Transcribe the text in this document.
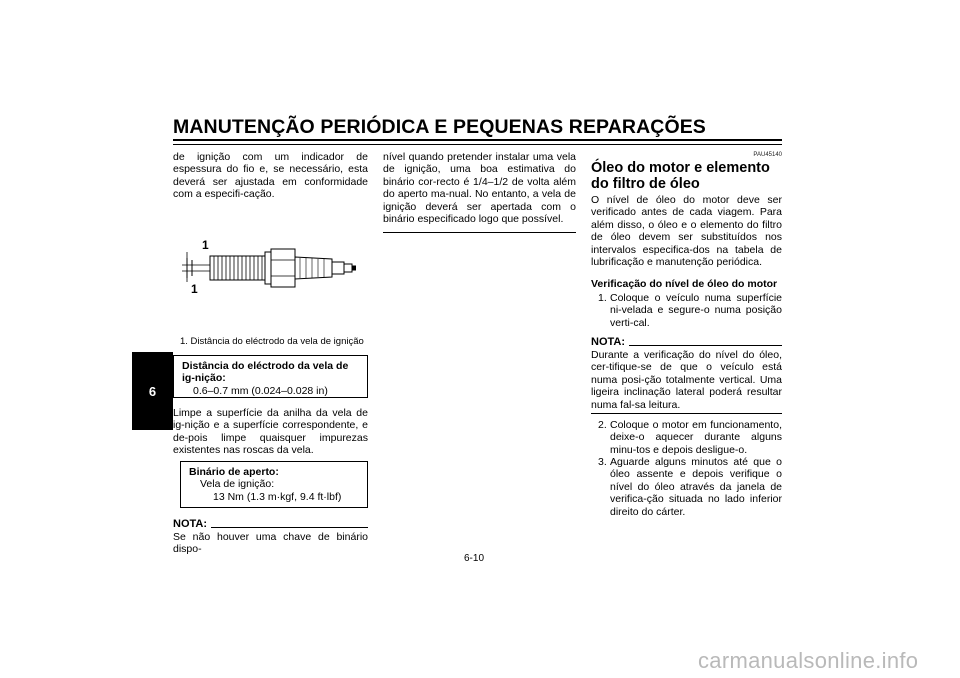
MANUTENÇÃO PERIÓDICA E PEQUENAS REPARAÇÕES
6

de ignição com um indicador de espessura do fio e, se necessário, esta deverá ser ajustada em conformidade com a especifi-cação.

1
1
1. Distância do eléctrodo da vela de ignição
Distância do eléctrodo da vela de ig-nição:
0.6–0.7 mm (0.024–0.028 in)

Limpe a superfície da anilha da vela de ig-nição e a superfície correspondente, e de-pois limpe quaisquer impurezas existentes nas roscas da vela.

Binário de aperto:
Vela de ignição:
13 Nm (1.3 m·kgf, 9.4 ft·lbf)
NOTA:
Se não houver uma chave de binário dispo-

nível quando pretender instalar uma vela de ignição, uma boa estimativa do binário cor-recto é 1/4–1/2 de volta além do aperto ma-nual. No entanto, a vela de ignição deverá ser apertada com o binário especificado logo que possível.

PAU45140
Óleo do motor e elemento do filtro de óleo
O nível de óleo do motor deve ser verificado antes de cada viagem. Para além disso, o óleo e o elemento do filtro de óleo devem ser substituídos nos intervalos especifica-dos na tabela de lubrificação e manutenção periódica.
Verificação do nível de óleo do motor
1. Coloque o veículo numa superfície ni-velada e segure-o numa posição verti-cal.
NOTA:
Durante a verificação do nível do óleo, cer-tifique-se de que o veículo está numa posi-ção totalmente vertical. Uma ligeira inclinação lateral poderá resultar numa fal-sa leitura.
2. Coloque o motor em funcionamento, deixe-o aquecer durante alguns minu-tos e depois desligue-o.
3. Aguarde alguns minutos até que o óleo assente e depois verifique o nível do óleo através da janela de verifica-ção situada no lado inferior direito do cárter.
6-10
carmanualsonline.info
